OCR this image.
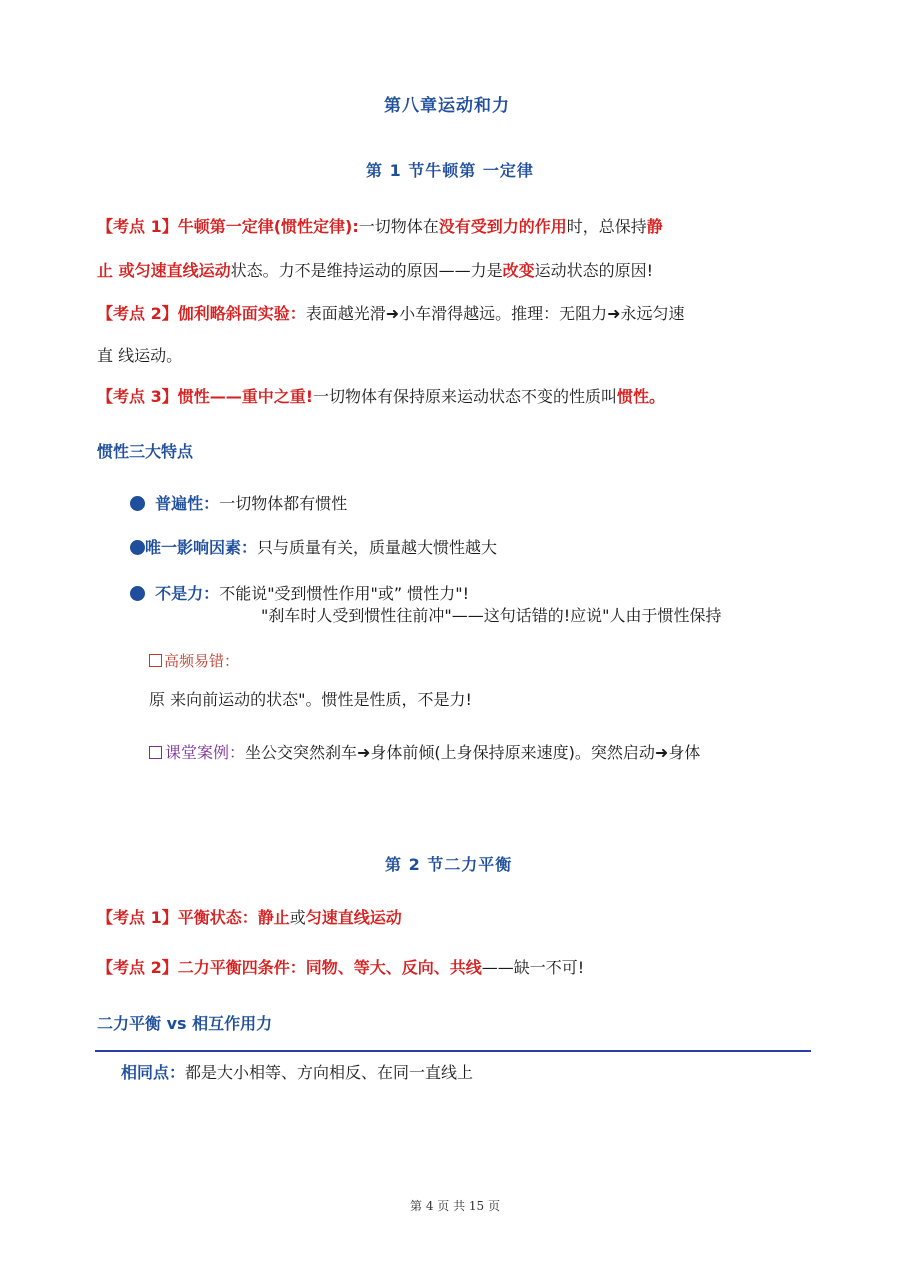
第八章运动和力
第 1 节牛顿第 一定律
【考点 1】牛顿第一定律(惯性定律):一切物体在没有受到力的作用时，总保持静
止 或匀速直线运动状态。力不是维持运动的原因——力是改变运动状态的原因!
【考点 2】伽利略斜面实验：表面越光滑➜小车滑得越远。推理：无阻力➜永远匀速
直 线运动。
【考点 3】惯性——重中之重!一切物体有保持原来运动状态不变的性质叫惯性。
惯性三大特点
普遍性：一切物体都有惯性
唯一影响因素：只与质量有关，质量越大惯性越大
不是力：不能说"受到惯性作用"或” 惯性力"!
"刹车时人受到惯性往前冲"——这句话错的!应说"人由于惯性保持
高频易错：
原 来向前运动的状态"。惯性是性质，不是力!
课堂案例：坐公交突然刹车➜身体前倾(上身保持原来速度)。突然启动➜身体
第 2 节二力平衡
【考点 1】平衡状态：静止或匀速直线运动
【考点 2】二力平衡四条件：同物、等大、反向、共线——缺一不可!
二力平衡 vs 相互作用力
相同点：都是大小相等、方向相反、在同一直线上
第 4 页 共 15 页
